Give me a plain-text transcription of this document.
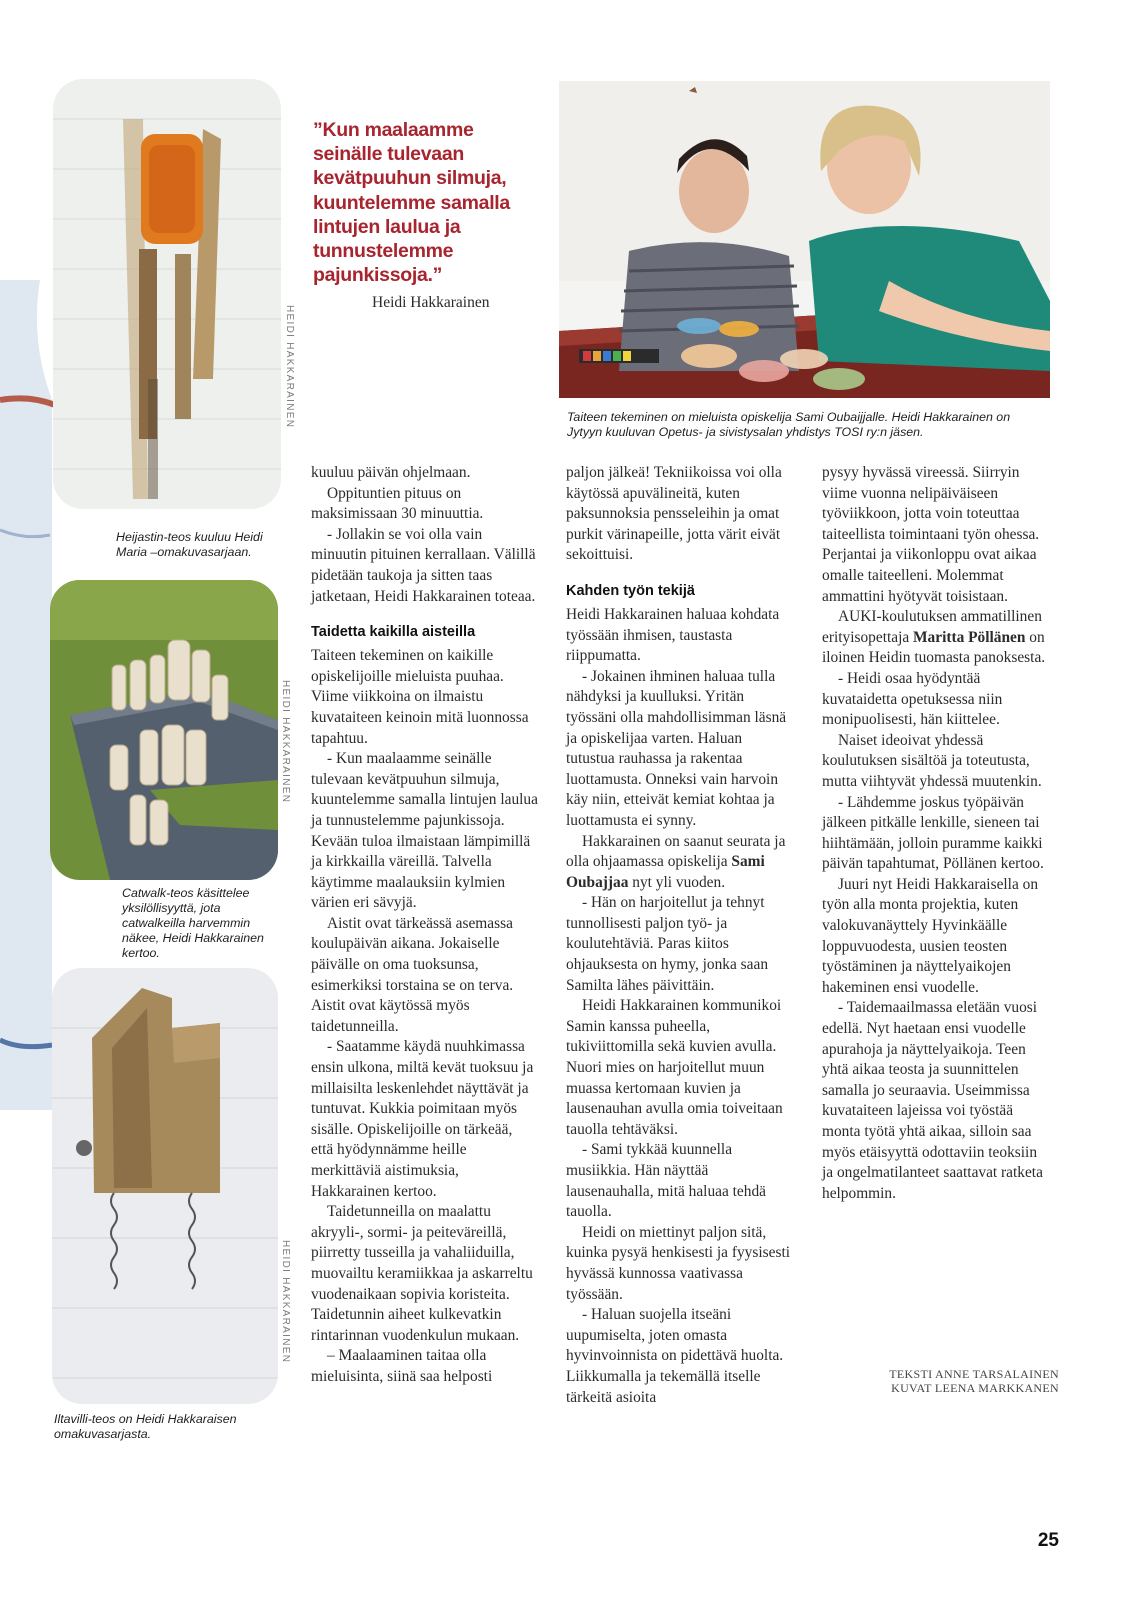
HEIDI HAKKARAINEN

Heijastin-teos kuuluu Heidi Maria –omakuvasarjaan.

HEIDI HAKKARAINEN

Catwalk-teos käsittelee yksilöllisyyttä, jota catwalkeilla harvemmin näkee, Heidi Hakkarainen kertoo.

HEIDI HAKKARAINEN

Iltavilli-teos on Heidi Hakkaraisen omakuvasarjasta.

”Kun maalaamme seinälle tulevaan kevätpuuhun silmuja, kuuntelemme samalla lintujen laulua ja tunnustelemme pajunkissoja.”

Heidi Hakkarainen

Taiteen tekeminen on mieluista opiskelija Sami Oubaijjalle. Heidi Hakkarainen on Jytyyn kuuluvan Opetus- ja sivistysalan yhdistys TOSI ry:n jäsen.

kuuluu päivän ohjelmaan.

Oppituntien pituus on maksimissaan 30 minuuttia.

- Jollakin se voi olla vain minuutin pituinen kerrallaan. Välillä pidetään taukoja ja sitten taas jatketaan, Heidi Hakkarainen toteaa.

Taidetta kaikilla aisteilla

Taiteen tekeminen on kaikille opiskelijoille mieluista puuhaa. Viime viikkoina on ilmaistu kuvataiteen keinoin mitä luonnossa tapahtuu.

- Kun maalaamme seinälle tulevaan kevätpuuhun silmuja, kuuntelemme samalla lintujen laulua ja tunnustelemme pajunkissoja. Kevään tuloa ilmaistaan lämpimillä ja kirkkailla väreillä. Talvella käytimme maalauksiin kylmien värien eri sävyjä.

Aistit ovat tärkeässä asemassa koulupäivän aikana. Jokaiselle päivälle on oma tuoksunsa, esimerkiksi torstaina se on terva. Aistit ovat käytössä myös taidetunneilla.

- Saatamme käydä nuuhkimassa ensin ulkona, miltä kevät tuoksuu ja millaisilta leskenlehdet näyttävät ja tuntuvat. Kukkia poimitaan myös sisälle. Opiskelijoille on tärkeää, että hyödynnämme heille merkittäviä aistimuksia, Hakkarainen kertoo.

Taidetunneilla on maalattu akryyli-, sormi- ja peiteväreillä, piirretty tusseilla ja vahaliiduilla, muovailtu keramiikkaa ja askarreltu vuodenaikaan sopivia koristeita. Taidetunnin aiheet kulkevatkin rintarinnan vuodenkulun mukaan.

– Maalaaminen taitaa olla mieluisinta, siinä saa helposti

paljon jälkeä! Tekniikoissa voi olla käytössä apuvälineitä, kuten paksunnoksia pensseleihin ja omat purkit värinapeille, jotta värit eivät sekoittuisi.

Kahden työn tekijä

Heidi Hakkarainen haluaa kohdata työssään ihmisen, taustasta riippumatta.

- Jokainen ihminen haluaa tulla nähdyksi ja kuulluksi. Yritän työssäni olla mahdollisimman läsnä ja opiskelijaa varten. Haluan tutustua rauhassa ja rakentaa luottamusta. Onneksi vain harvoin käy niin, etteivät kemiat kohtaa ja luottamusta ei synny.

Hakkarainen on saanut seurata ja olla ohjaamassa opiskelija Sami Oubajjaa nyt yli vuoden.

- Hän on harjoitellut ja tehnyt tunnollisesti paljon työ- ja koulutehtäviä. Paras kiitos ohjauksesta on hymy, jonka saan Samilta lähes päivittäin.

Heidi Hakkarainen kommunikoi Samin kanssa puheella, tukiviittomilla sekä kuvien avulla. Nuori mies on harjoitellut muun muassa kertomaan kuvien ja lausenauhan avulla omia toiveitaan tauolla tehtäväksi.

- Sami tykkää kuunnella musiikkia. Hän näyttää lausenauhalla, mitä haluaa tehdä tauolla.

Heidi on miettinyt paljon sitä, kuinka pysyä henkisesti ja fyysisesti hyvässä kunnossa vaativassa työssään.

- Haluan suojella itseäni uupumiselta, joten omasta hyvinvoinnista on pidettävä huolta. Liikkumalla ja tekemällä itselle tärkeitä asioita

pysyy hyvässä vireessä. Siirryin viime vuonna nelipäiväiseen työviikkoon, jotta voin toteuttaa taiteellista toimintaani työn ohessa. Perjantai ja viikonloppu ovat aikaa omalle taiteelleni. Molemmat ammattini hyötyvät toisistaan.

AUKI-koulutuksen ammatillinen erityisopettaja Maritta Pöllänen on iloinen Heidin tuomasta panoksesta.

- Heidi osaa hyödyntää kuvataidetta opetuksessa niin monipuolisesti, hän kiittelee.

Naiset ideoivat yhdessä koulutuksen sisältöä ja toteutusta, mutta viihtyvät yhdessä muutenkin.

- Lähdemme joskus työpäivän jälkeen pitkälle lenkille, sieneen tai hiihtämään, jolloin puramme kaikki päivän tapahtumat, Pöllänen kertoo.

Juuri nyt Heidi Hakkaraisella on työn alla monta projektia, kuten valokuvanäyttely Hyvinkäälle loppuvuodesta, uusien teosten työstäminen ja näyttelyaikojen hakeminen ensi vuodelle.

- Taidemaailmassa eletään vuosi edellä. Nyt haetaan ensi vuodelle apurahoja ja näyttelyaikoja. Teen yhtä aikaa teosta ja suunnittelen samalla jo seuraavia. Useimmissa kuvataiteen lajeissa voi työstää monta työtä yhtä aikaa, silloin saa myös etäisyyttä odottaviin teoksiin ja ongelmatilanteet saattavat ratketa helpommin.

TEKSTI ANNE TARSALAINEN
KUVAT LEENA MARKKANEN
25
